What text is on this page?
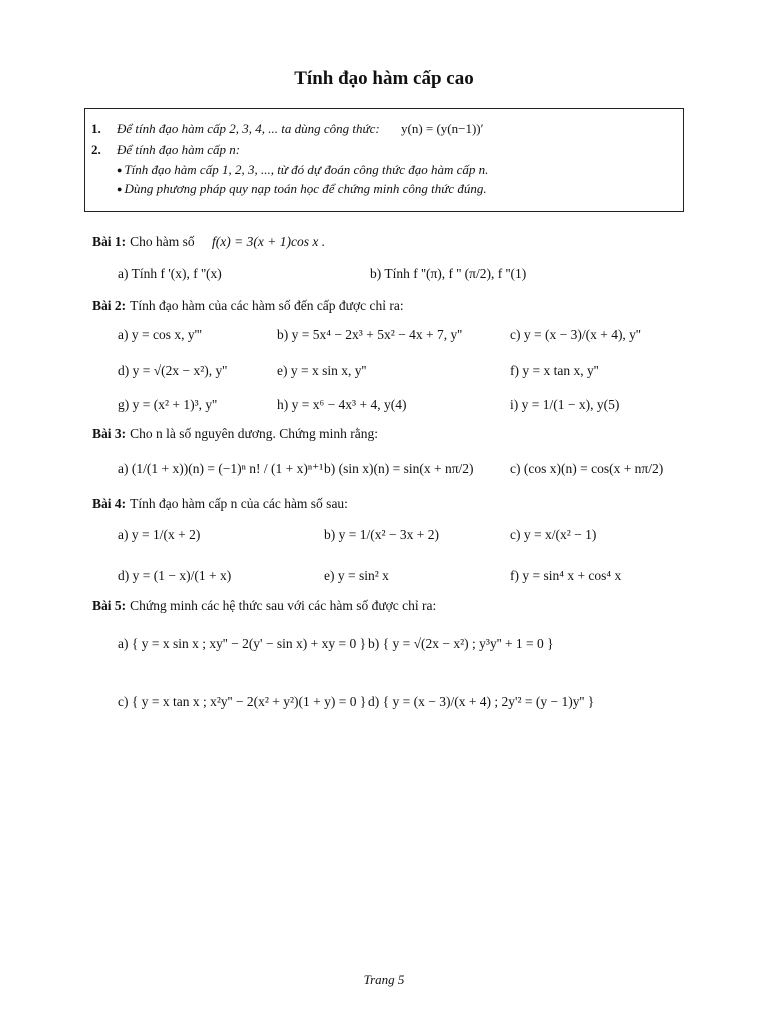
Tính đạo hàm cấp cao
1. Để tính đạo hàm cấp 2, 3, 4, ... ta dùng công thức: y(n) = (y(n−1))′
2. Để tính đạo hàm cấp n:
● Tính đạo hàm cấp 1, 2, 3, ..., từ đó dự đoán công thức đạo hàm cấp n.
● Dùng phương pháp quy nạp toán học để chứng minh công thức đúng.
Bài 1: Cho hàm số f(x) = 3(x + 1)cos x .
a) Tính f '(x), f ''(x)	b) Tính f ''(π), f '' (π/2), f ''(1)
Bài 2: Tính đạo hàm của các hàm số đến cấp được chỉ ra:
a) y = cos x, y'''	b) y = 5x⁴ − 2x³ + 5x² − 4x + 7, y''	c) y = (x − 3)/(x + 4), y''
d) y = √(2x − x²), y''	e) y = x sin x, y''	f) y = x tan x, y''
g) y = (x² + 1)³, y''	h) y = x⁶ − 4x³ + 4, y(4)	i) y = 1/(1 − x), y(5)
Bài 3: Cho n là số nguyên dương. Chứng minh rằng:
a) (1/(1 + x))(n) = (−1)ⁿ n! / (1 + x)ⁿ⁺¹ b) (sin x)(n) = sin(x + nπ/2)	c) (cos x)(n) = cos(x + nπ/2)
Bài 4: Tính đạo hàm cấp n của các hàm số sau:
a) y = 1/(x + 2)	b) y = 1/(x² − 3x + 2)	c) y = x/(x² − 1)
d) y = (1 − x)/(1 + x)	e) y = sin² x	f) y = sin⁴ x + cos⁴ x
Bài 5: Chứng minh các hệ thức sau với các hàm số được chỉ ra:
a) { y = x sin x ; xy'' − 2(y' − sin x) + xy = 0 } b) { y = √(2x − x²) ; y³y'' + 1 = 0 }
c) { y = x tan x ; x²y'' − 2(x² + y²)(1 + y) = 0 } d) { y = (x − 3)/(x + 4) ; 2y'² = (y − 1)y'' }
Trang 5
